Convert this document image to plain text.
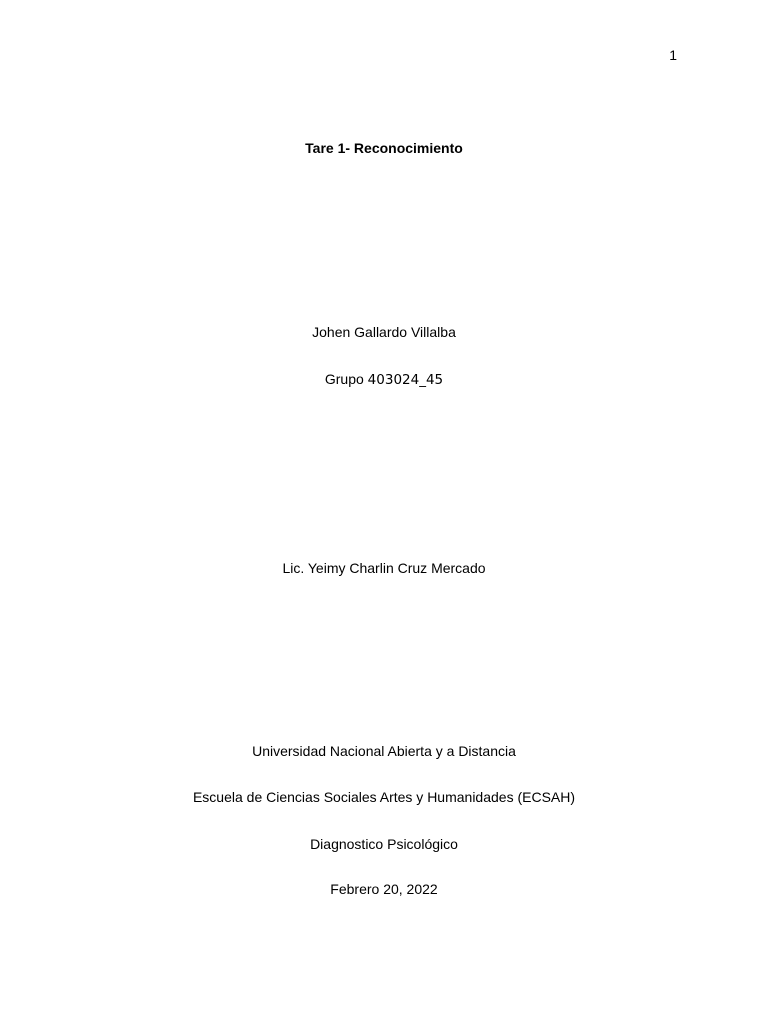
1
Tare 1- Reconocimiento
Johen Gallardo Villalba
Grupo 403024_45
Lic. Yeimy Charlin Cruz Mercado
Universidad Nacional Abierta y a Distancia
Escuela de Ciencias Sociales Artes y Humanidades (ECSAH)
Diagnostico Psicológico
Febrero 20, 2022
